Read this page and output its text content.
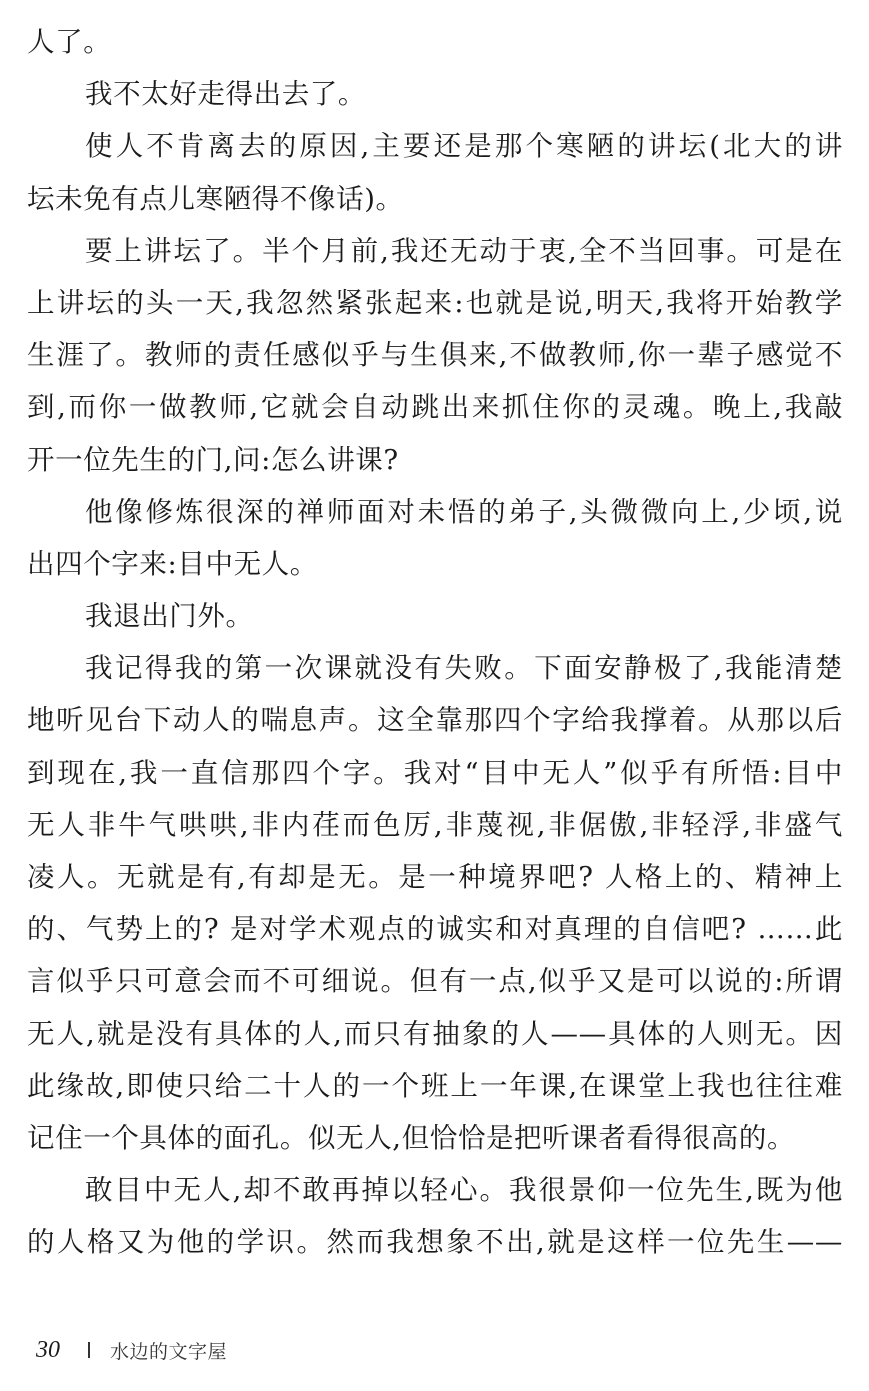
人了。
我不太好走得出去了。
使人不肯离去的原因,主要还是那个寒陋的讲坛(北大的讲
坛未免有点儿寒陋得不像话)。
要上讲坛了。半个月前,我还无动于衷,全不当回事。可是在
上讲坛的头一天,我忽然紧张起来:也就是说,明天,我将开始教学
生涯了。教师的责任感似乎与生俱来,不做教师,你一辈子感觉不
到,而你一做教师,它就会自动跳出来抓住你的灵魂。晚上,我敲
开一位先生的门,问:怎么讲课?
他像修炼很深的禅师面对未悟的弟子,头微微向上,少顷,说
出四个字来:目中无人。
我退出门外。
我记得我的第一次课就没有失败。下面安静极了,我能清楚
地听见台下动人的喘息声。这全靠那四个字给我撑着。从那以后
到现在,我一直信那四个字。我对“目中无人”似乎有所悟:目中
无人非牛气哄哄,非内荏而色厉,非蔑视,非倨傲,非轻浮,非盛气
凌人。无就是有,有却是无。是一种境界吧? 人格上的、精神上
的、气势上的? 是对学术观点的诚实和对真理的自信吧? ……此
言似乎只可意会而不可细说。但有一点,似乎又是可以说的:所谓
无人,就是没有具体的人,而只有抽象的人——具体的人则无。因
此缘故,即使只给二十人的一个班上一年课,在课堂上我也往往难
记住一个具体的面孔。似无人,但恰恰是把听课者看得很高的。
敢目中无人,却不敢再掉以轻心。我很景仰一位先生,既为他
的人格又为他的学识。然而我想象不出,就是这样一位先生——
30	水边的文字屋
